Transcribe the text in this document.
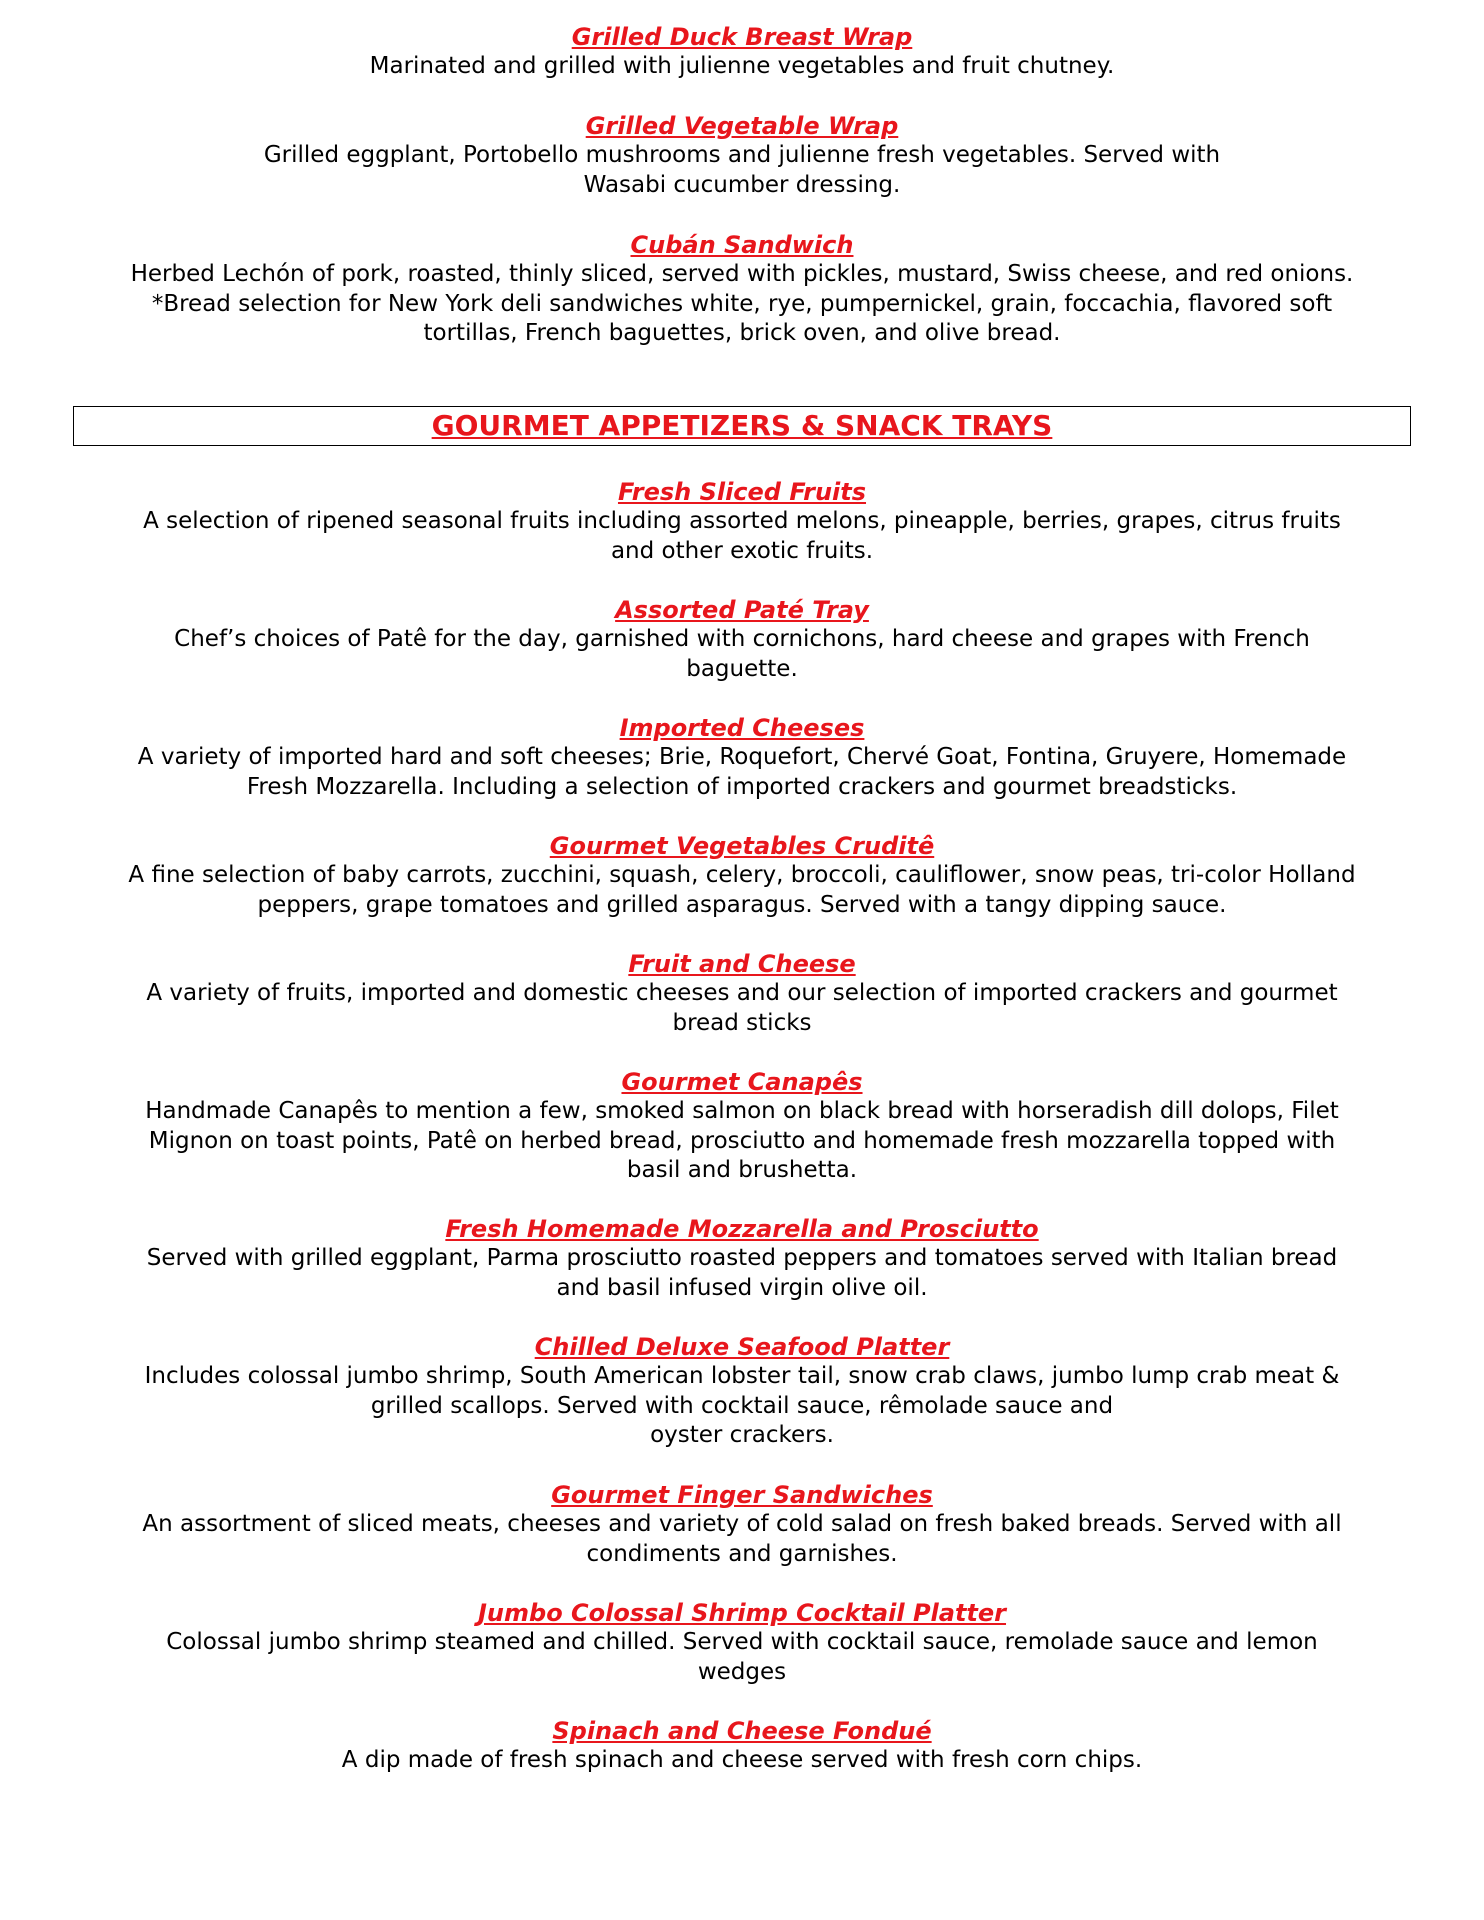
Grilled Duck Breast Wrap
Marinated and grilled with julienne vegetables and fruit chutney.
Grilled Vegetable Wrap
Grilled eggplant, Portobello mushrooms and julienne fresh vegetables. Served with
Wasabi cucumber dressing.
Cubán Sandwich
Herbed Lechón of pork, roasted, thinly sliced, served with pickles, mustard, Swiss cheese, and red onions.
*Bread selection for New York deli sandwiches white, rye, pumpernickel, grain, foccachia, flavored soft
tortillas, French baguettes, brick oven, and olive bread.
GOURMET APPETIZERS & SNACK TRAYS
Fresh Sliced Fruits
A selection of ripened seasonal fruits including assorted melons, pineapple, berries, grapes, citrus fruits
and other exotic fruits.
Assorted Paté Tray
Chef’s choices of Patê for the day, garnished with cornichons, hard cheese and grapes with French
baguette.
Imported Cheeses
A variety of imported hard and soft cheeses; Brie, Roquefort, Chervé Goat, Fontina, Gruyere, Homemade
Fresh Mozzarella. Including a selection of imported crackers and gourmet breadsticks.
Gourmet Vegetables Cruditê
A fine selection of baby carrots, zucchini, squash, celery, broccoli, cauliflower, snow peas, tri-color Holland
peppers, grape tomatoes and grilled asparagus. Served with a tangy dipping sauce.
Fruit and Cheese
A variety of fruits, imported and domestic cheeses and our selection of imported crackers and gourmet
bread sticks
Gourmet Canapês
Handmade Canapês to mention a few, smoked salmon on black bread with horseradish dill dolops, Filet
Mignon on toast points, Patê on herbed bread, prosciutto and homemade fresh mozzarella topped with
basil and brushetta.
Fresh Homemade Mozzarella and Prosciutto
Served with grilled eggplant, Parma prosciutto roasted peppers and tomatoes served with Italian bread
and basil infused virgin olive oil.
Chilled Deluxe Seafood Platter
Includes colossal jumbo shrimp, South American lobster tail, snow crab claws, jumbo lump crab meat &
grilled scallops. Served with cocktail sauce, rêmolade sauce and
oyster crackers.
Gourmet Finger Sandwiches
An assortment of sliced meats, cheeses and variety of cold salad on fresh baked breads. Served with all
condiments and garnishes.
Jumbo Colossal Shrimp Cocktail Platter
Colossal jumbo shrimp steamed and chilled. Served with cocktail sauce, remolade sauce and lemon
wedges
Spinach and Cheese Fondué
A dip made of fresh spinach and cheese served with fresh corn chips.
